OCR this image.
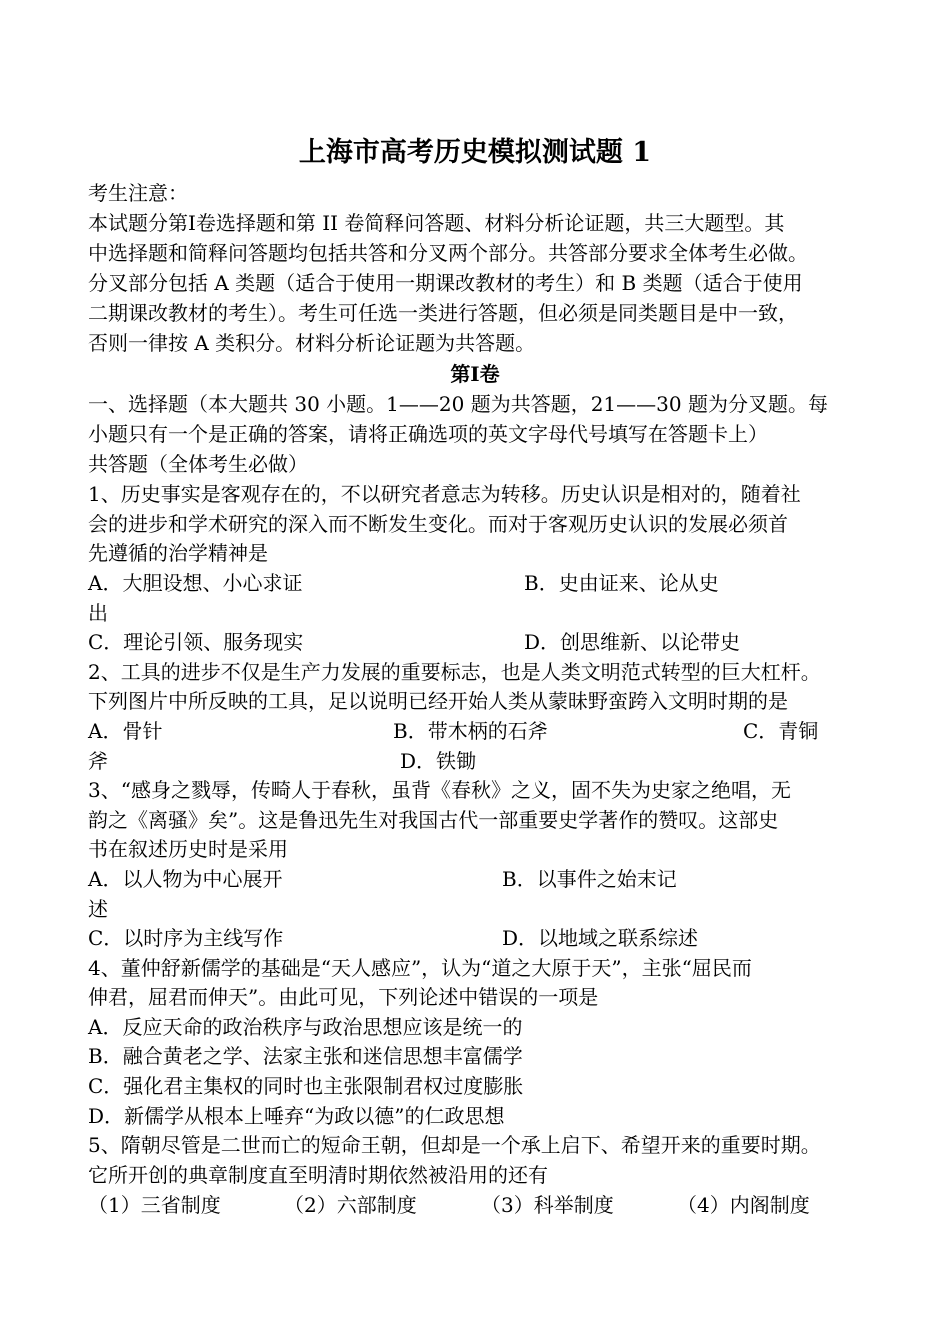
上海市高考历史模拟测试题 1
考生注意：
本试题分第Ⅰ卷选择题和第 II 卷简释问答题、材料分析论证题，共三大题型。其
中选择题和简释问答题均包括共答和分叉两个部分。共答部分要求全体考生必做。
分叉部分包括 A 类题（适合于使用一期课改教材的考生）和 B 类题（适合于使用
二期课改教材的考生）。考生可任选一类进行答题，但必须是同类题目是中一致，
否则一律按 A 类积分。材料分析论证题为共答题。
第Ⅰ卷
一、选择题（本大题共 30 小题。1——20 题为共答题，21——30 题为分叉题。每
小题只有一个是正确的答案，请将正确选项的英文字母代号填写在答题卡上）
共答题（全体考生必做）
1、历史事实是客观存在的，不以研究者意志为转移。历史认识是相对的，随着社
会的进步和学术研究的深入而不断发生变化。而对于客观历史认识的发展必须首
先遵循的治学精神是
A．大胆设想、小心求证	B．史由证来、论从史
出
C．理论引领、服务现实	D．创思维新、以论带史
2、工具的进步不仅是生产力发展的重要标志，也是人类文明范式转型的巨大杠杆。
下列图片中所反映的工具，足以说明已经开始人类从蒙昧野蛮跨入文明时期的是
A．骨针	B．带木柄的石斧	C．青铜
斧	D．铁锄
3、“感身之戮辱，传畸人于春秋，虽背《春秋》之义，固不失为史家之绝唱，无
韵之《离骚》矣”。这是鲁迅先生对我国古代一部重要史学著作的赞叹。这部史
书在叙述历史时是采用
A．以人物为中心展开	B．以事件之始末记
述
C．以时序为主线写作	D．以地域之联系综述
4、董仲舒新儒学的基础是“天人感应”，认为“道之大原于天”，主张“屈民而
伸君，屈君而伸天”。由此可见，下列论述中错误的一项是
A．反应天命的政治秩序与政治思想应该是统一的
B．融合黄老之学、法家主张和迷信思想丰富儒学
C．强化君主集权的同时也主张限制君权过度膨胀
D．新儒学从根本上唾弃“为政以德”的仁政思想
5、隋朝尽管是二世而亡的短命王朝，但却是一个承上启下、希望开来的重要时期。
它所开创的典章制度直至明清时期依然被沿用的还有
（1）三省制度	（2）六部制度	（3）科举制度	（4）内阁制度
